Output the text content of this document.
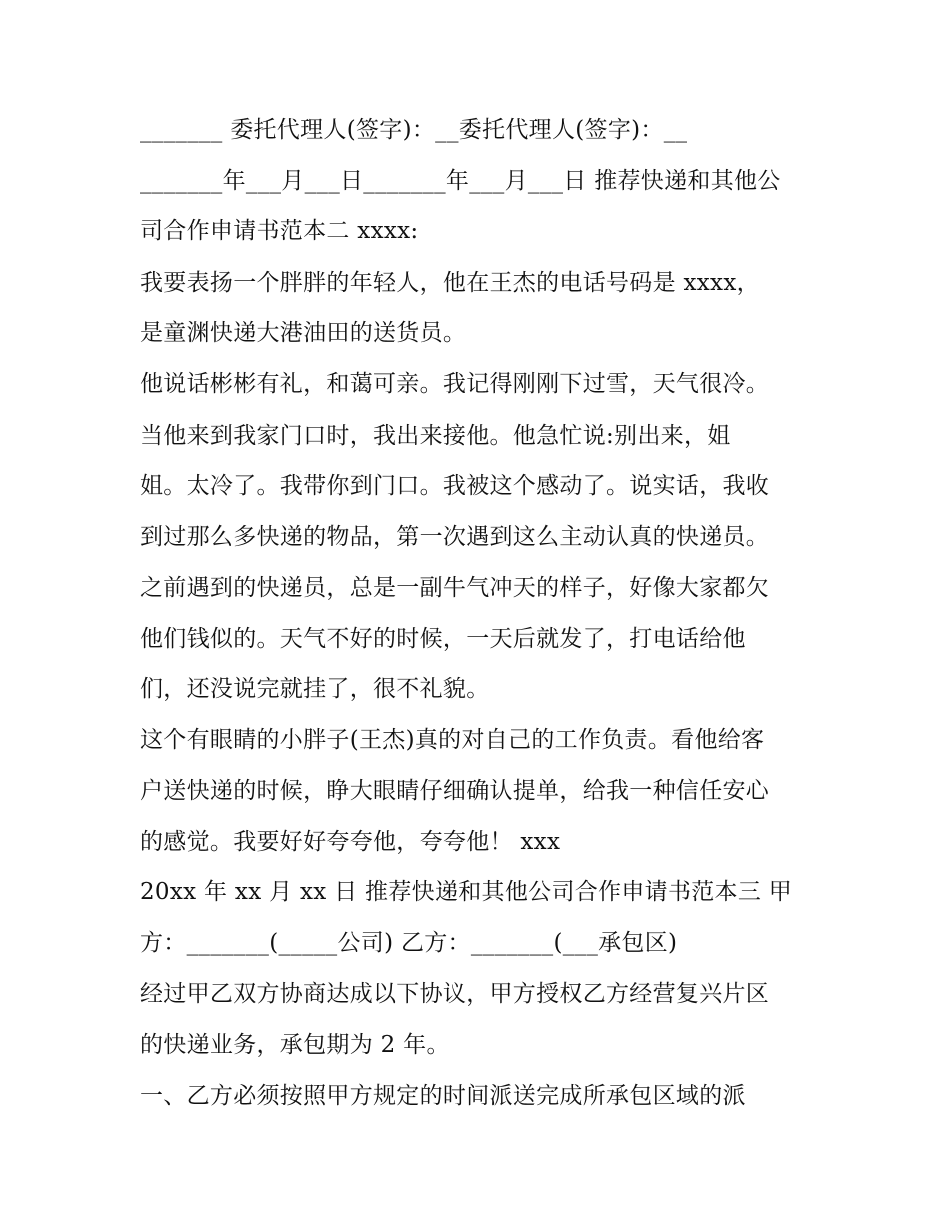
_______ 委托代理人(签字)：__委托代理人(签字)：__
_______年___月___日_______年___月___日 推荐快递和其他公
司合作申请书范本二 xxxx:
我要表扬一个胖胖的年轻人，他在王杰的电话号码是 xxxx，
是童渊快递大港油田的送货员。
他说话彬彬有礼，和蔼可亲。我记得刚刚下过雪，天气很冷。
当他来到我家门口时，我出来接他。他急忙说:别出来，姐
姐。太冷了。我带你到门口。我被这个感动了。说实话，我收
到过那么多快递的物品，第一次遇到这么主动认真的快递员。
之前遇到的快递员，总是一副牛气冲天的样子，好像大家都欠
他们钱似的。天气不好的时候，一天后就发了，打电话给他
们，还没说完就挂了，很不礼貌。
这个有眼睛的小胖子(王杰)真的对自己的工作负责。看他给客
户送快递的时候，睁大眼睛仔细确认提单，给我一种信任安心
的感觉。我要好好夸夸他，夸夸他！ xxx
20xx 年 xx 月 xx 日 推荐快递和其他公司合作申请书范本三 甲
方：_______(_____公司) 乙方：_______(___承包区)
经过甲乙双方协商达成以下协议，甲方授权乙方经营复兴片区
的快递业务，承包期为 2 年。
一、乙方必须按照甲方规定的时间派送完成所承包区域的派
